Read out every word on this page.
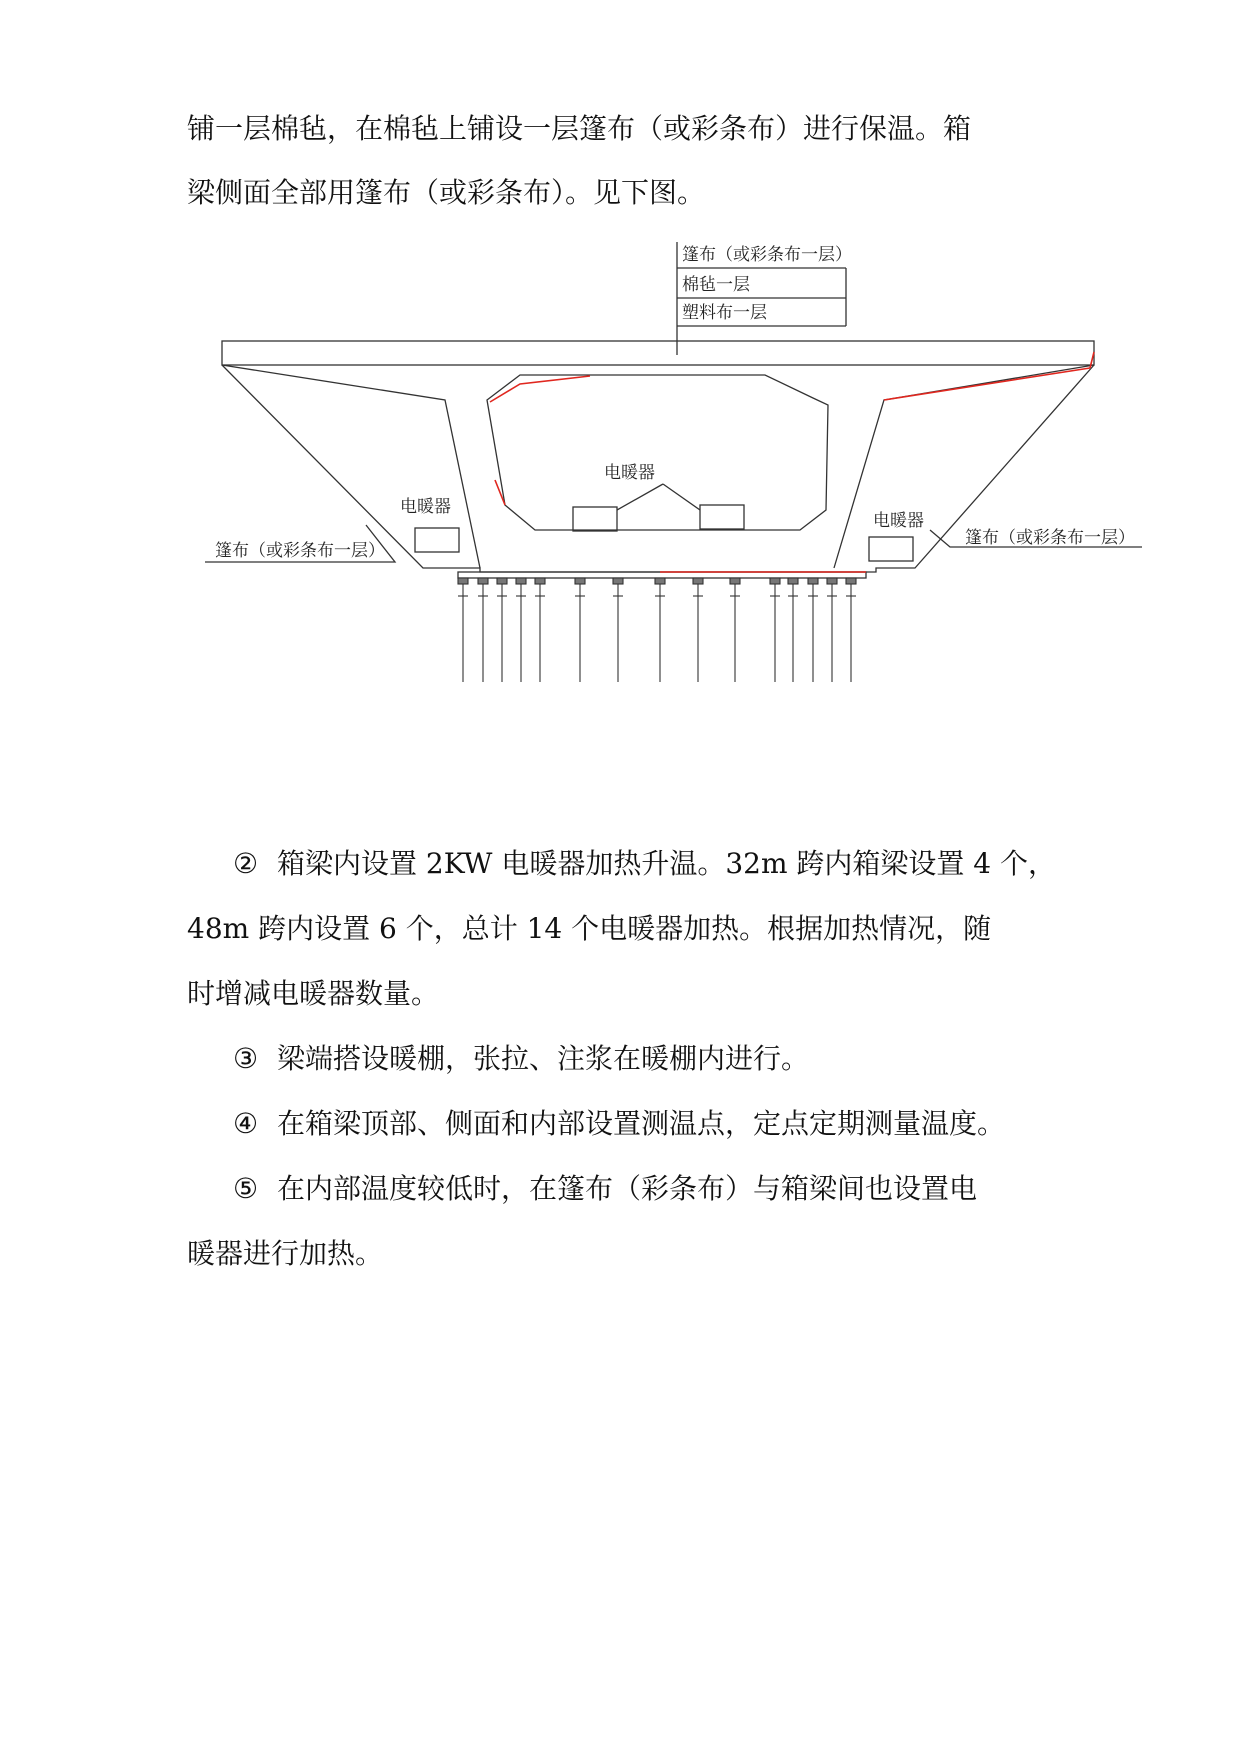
铺一层棉毡，在棉毡上铺设一层篷布（或彩条布）进行保温。箱

梁侧面全部用篷布（或彩条布）。见下图。

篷布（或彩条布一层）
棉毡一层
塑料布一层
电暖器
电暖器
电暖器
篷布（或彩条布一层）
篷布（或彩条布一层）

② 箱梁内设置 2KW 电暖器加热升温。32m 跨内箱梁设置 4 个，

48m 跨内设置 6 个，总计 14 个电暖器加热。根据加热情况，随

时增减电暖器数量。

③ 梁端搭设暖棚，张拉、注浆在暖棚内进行。

④ 在箱梁顶部、侧面和内部设置测温点，定点定期测量温度。

⑤ 在内部温度较低时，在篷布（彩条布）与箱梁间也设置电

暖器进行加热。
